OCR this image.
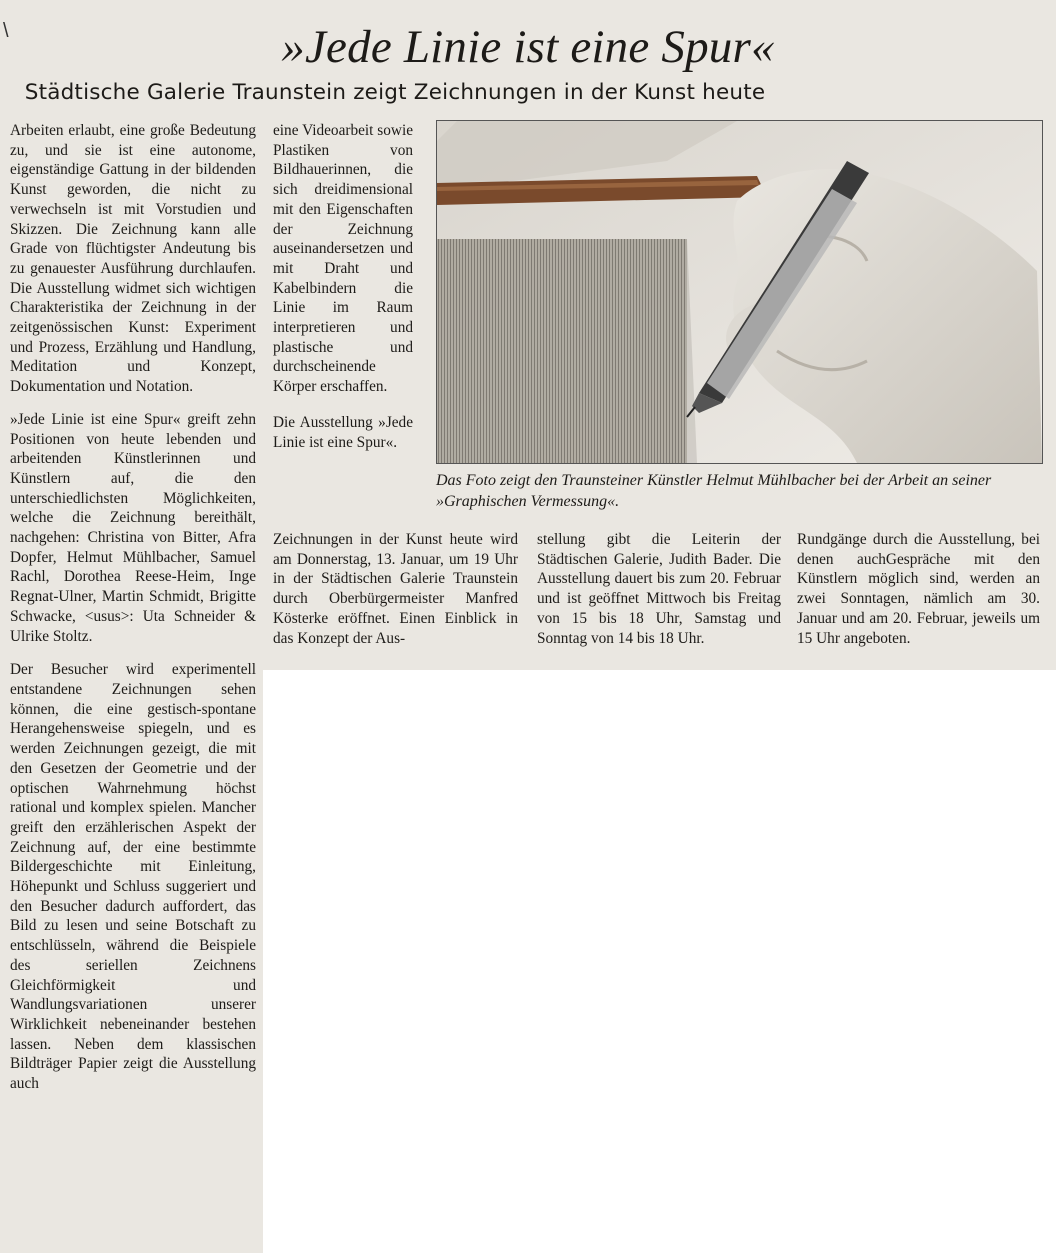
\	»Jede Linie ist eine Spur«
Städtische Galerie Traunstein zeigt Zeichnungen in der Kunst heute

Arbeiten erlaubt, eine große Bedeutung zu, und sie ist eine autonome, eigenständige Gattung in der bildenden Kunst geworden, die nicht zu verwechseln ist mit Vorstudien und Skizzen. Die Zeichnung kann alle Grade von flüchtigster Andeutung bis zu genauester Ausführung durchlaufen. Die Ausstellung widmet sich wichtigen Charakteristika der Zeichnung in der zeitgenössischen Kunst: Experiment und Prozess, Erzählung und Handlung, Meditation und Konzept, Dokumentation und Notation.

»Jede Linie ist eine Spur« greift zehn Positionen von heute lebenden und arbeitenden Künstlerinnen und Künstlern auf, die den unterschiedlichsten Möglichkeiten, welche die Zeichnung bereithält, nachgehen: Christina von Bitter, Afra Dopfer, Helmut Mühlbacher, Samuel Rachl, Dorothea Reese-Heim, Inge Regnat-Ulner, Martin Schmidt, Brigitte Schwacke, <usus>: Uta Schneider & Ulrike Stoltz.

Der Besucher wird experimentell entstandene Zeichnungen sehen können, die eine gestisch-spontane Herangehensweise spiegeln, und es werden Zeichnungen gezeigt, die mit den Gesetzen der Geometrie und der optischen Wahrnehmung höchst rational und komplex spielen. Mancher greift den erzählerischen Aspekt der Zeichnung auf, der eine bestimmte Bildergeschichte mit Einleitung, Höhepunkt und Schluss suggeriert und den Besucher dadurch auffordert, das Bild zu lesen und seine Botschaft zu entschlüsseln, während die Beispiele des seriellen Zeichnens Gleichförmigkeit und Wandlungsvariationen unserer Wirklichkeit nebeneinander bestehen lassen. Neben dem klassischen Bildträger Papier zeigt die Ausstellung auch

eine Videoarbeit sowie Plastiken von Bildhauerinnen, die sich dreidimensional mit den Eigenschaften der Zeichnung auseinandersetzen und mit Draht und Kabelbindern die Linie im Raum interpretieren und plastische und durchscheinende Körper erschaffen.

Die Ausstellung »Jede Linie ist eine Spur«.

Das Foto zeigt den Traunsteiner Künstler Helmut Mühlbacher bei der Arbeit an seiner »Graphischen Vermessung«.

Zeichnungen in der Kunst heute wird am Donnerstag, 13. Januar, um 19 Uhr in der Städtischen Galerie Traunstein durch Oberbürgermeister Manfred Kösterke eröffnet. Einen Einblick in das Konzept der Aus-

stellung gibt die Leiterin der Städtischen Galerie, Judith Bader. Die Ausstellung dauert bis zum 20. Februar und ist geöffnet Mittwoch bis Freitag von 15 bis 18 Uhr, Samstag und Sonntag von 14 bis 18 Uhr.

Rundgänge durch die Ausstellung, bei denen auchGespräche mit den Künstlern möglich sind, werden an zwei Sonntagen, nämlich am 30. Januar und am 20. Februar, jeweils um 15 Uhr angeboten.
